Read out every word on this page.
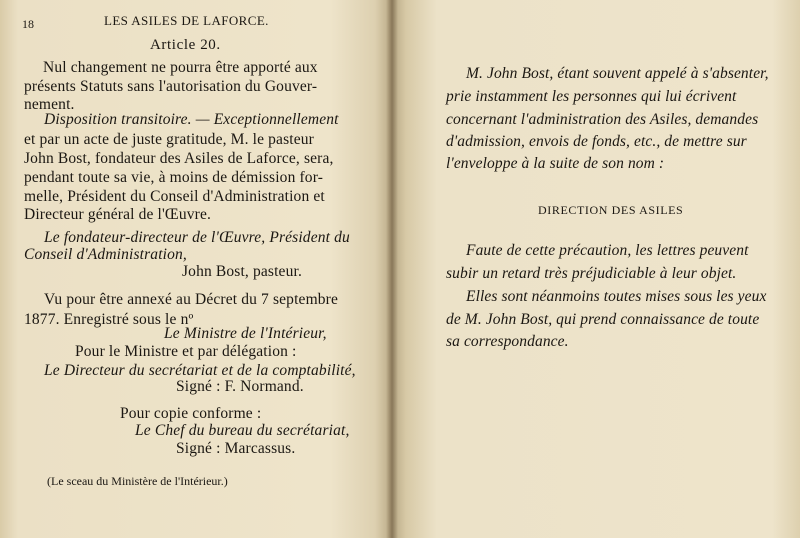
18	LES ASILES DE LAFORCE.
Article 20.
Nul changement ne pourra être apporté aux
présents Statuts sans l'autorisation du Gouver-
nement.
Disposition transitoire. — Exceptionnellement
et par un acte de juste gratitude, M. le pasteur
John Bost, fondateur des Asiles de Laforce, sera,
pendant toute sa vie, à moins de démission for-
melle, Président du Conseil d'Administration et
Directeur général de l'Œuvre.
Le fondateur-directeur de l'Œuvre, Président du
Conseil d'Administration,
John Bost, pasteur.
Vu pour être annexé au Décret du 7 septembre
1877. Enregistré sous le nº
Le Ministre de l'Intérieur,
Pour le Ministre et par délégation :
Le Directeur du secrétariat et de la comptabilité,
Signé : F. Normand.
Pour copie conforme :
Le Chef du bureau du secrétariat,
Signé : Marcassus.
(Le sceau du Ministère de l'Intérieur.)
M. John Bost, étant souvent appelé à s'absenter,
prie instamment les personnes qui lui écrivent
concernant l'administration des Asiles, demandes
d'admission, envois de fonds, etc., de mettre sur
l'enveloppe à la suite de son nom :
DIRECTION DES ASILES
Faute de cette précaution, les lettres peuvent
subir un retard très préjudiciable à leur objet.
Elles sont néanmoins toutes mises sous les yeux
de M. John Bost, qui prend connaissance de toute
sa correspondance.
